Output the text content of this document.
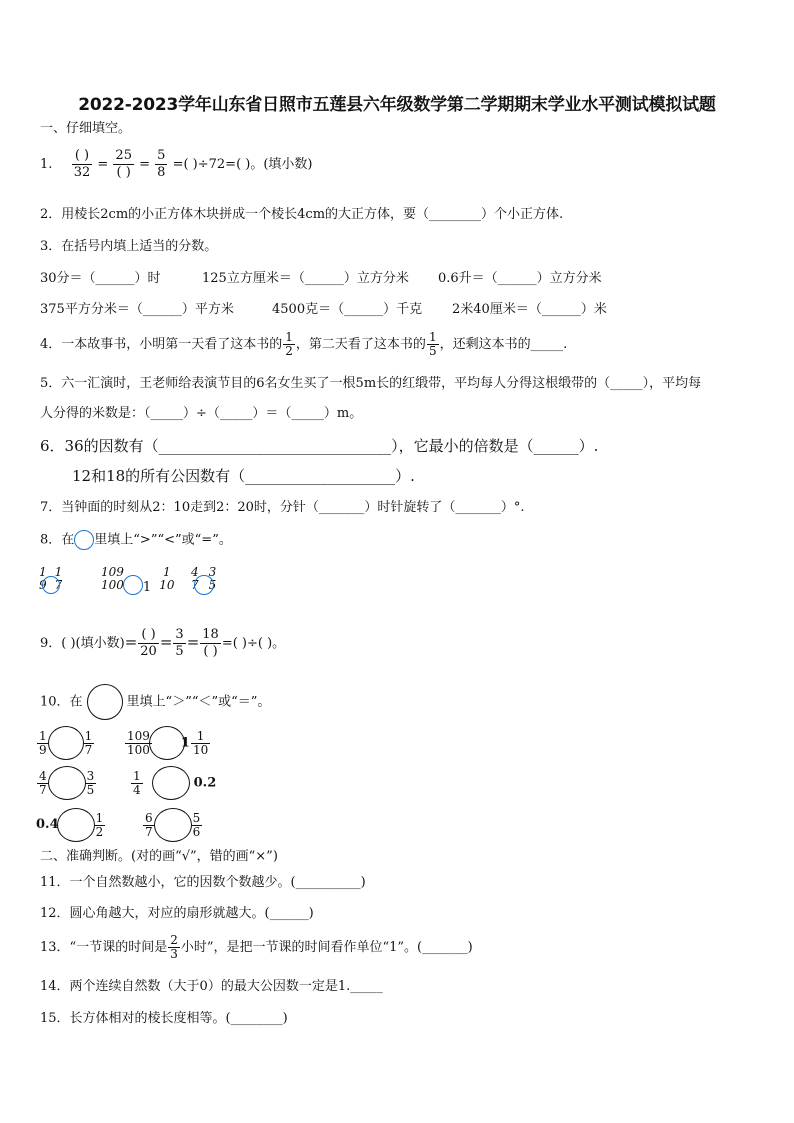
2022-2023学年山东省日照市五莲县六年级数学第二学期期末学业水平测试模拟试题
一、仔细填空。
1. $\frac{( )}{32} = \frac{25}{( )} = \frac{5}{8}$ =( )÷72=( )。(填小数)
2．用棱长2cm的小正方体木块拼成一个棱长4cm的大正方体，要（________）个小正方体.
3．在括号内填上适当的分数。
30分＝（______）时	125立方厘米＝（______）立方分米 0.6升＝（______）立方分米
375平方分米＝（______）平方米	4500克＝（______）千克 2米40厘米＝（______）米
4．一本故事书，小明第一天看了这本书的 $\frac{1}{2}$ ，第二天看了这本书的 $\frac{1}{5}$ ，还剩这本书的_____.
5．六一汇演时，王老师给表演节目的6名女生买了一根5m长的红缎带，平均每人分得这根缎带的（_____），平均每
人分得的米数是：（_____）÷（_____）＝（_____）m。
6．36的因数有（_______________________________），它最小的倍数是（______）.
12和18的所有公因数有（____________________）.
7．当钟面的时刻从2：10走到2：20时，分针（_______）时针旋转了（_______）°.
8．在 里填上“>”“<”或“=”。
1
9
1
7
109
100 1
1
10
4
7
3
5
9．( )(填小数)= $\frac{( )}{20} = \frac{3}{5} = \frac{18}{( )}$ =( )÷( )。
10．在	里填上“＞”“＜”或“＝”。
$\frac{1}{9}$	$\frac{1}{7}$	$\frac{109}{100} 1 \frac{1}{10}$
$\frac{4}{7}$	$\frac{3}{5}$	$\frac{1}{4}$	0.2
0.4	$\frac{1}{2}$	$\frac{6}{7}$	$\frac{5}{6}$
二、准确判断。(对的画“√”，错的画“×”)
11．一个自然数越小，它的因数个数越少。(__________)
12．圆心角越大，对应的扇形就越大。(______)
13．“一节课的时间是 $\frac{2}{3}$ 小时”，是把一节课的时间看作单位“1”。(_______)
14．两个连续自然数（大于0）的最大公因数一定是1._____
15．长方体相对的棱长度相等。(________)
